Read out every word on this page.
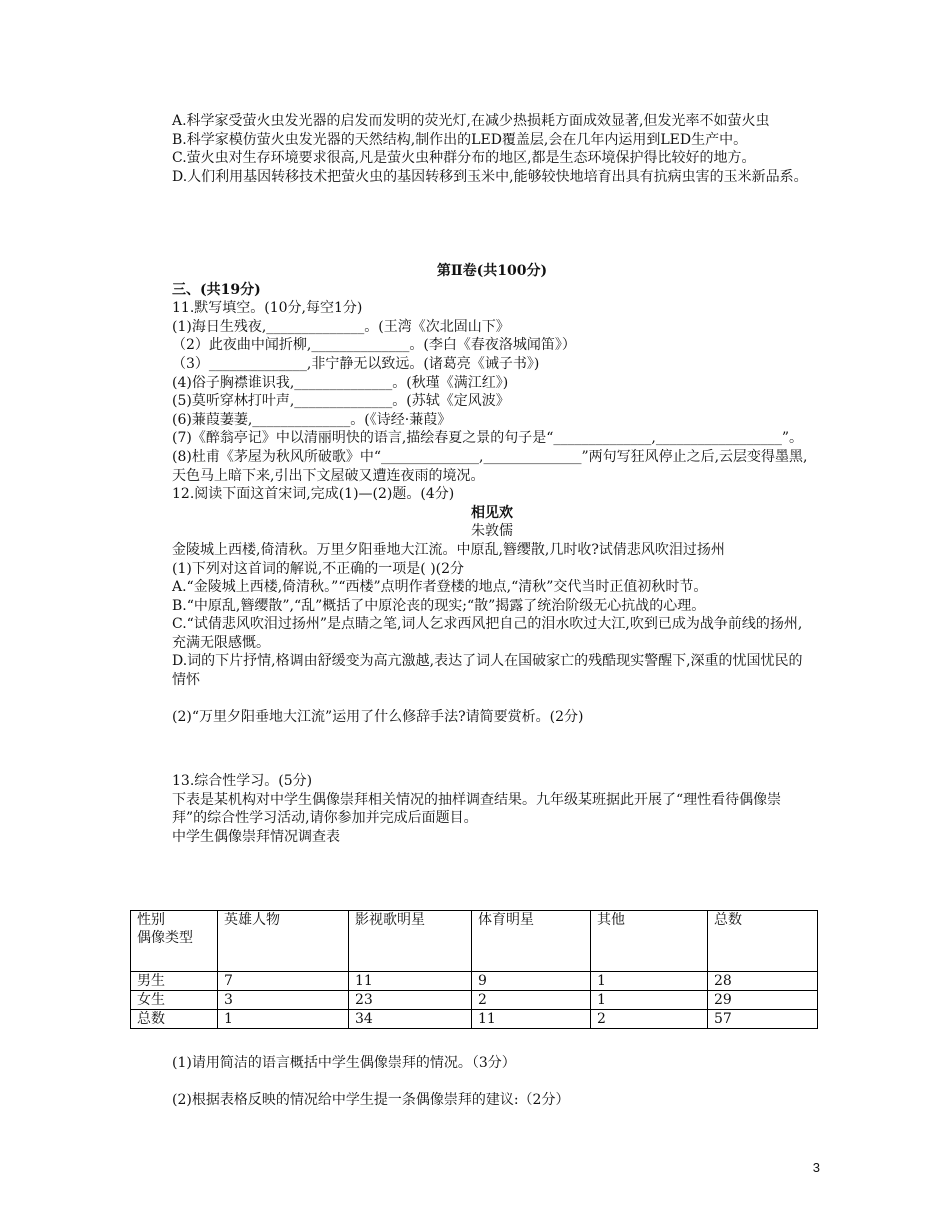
A.科学家受萤火虫发光器的启发而发明的荧光灯,在减少热损耗方面成效显著,但发光率不如萤火虫

B.科学家模仿萤火虫发光器的天然结构,制作出的LED覆盖层,会在几年内运用到LED生产中。

C.萤火虫对生存环境要求很高,凡是萤火虫种群分布的地区,都是生态环境保护得比较好的地方。

D.人们利用基因转移技术把萤火虫的基因转移到玉米中,能够较快地培育出具有抗病虫害的玉米新品系。

第Ⅱ卷(共100分)

三、(共19分)

11.默写填空。(10分,每空1分)

(1)海日生残夜,______________。(王湾《次北固山下》

（2）此夜曲中闻折柳,______________。(李白《春夜洛城闻笛》）

（3）______________,非宁静无以致远。(诸葛亮《诫子书》)

(4)俗子胸襟谁识我,______________。(秋瑾《满江红》)

(5)莫听穿林打叶声,______________。(苏轼《定风波》

(6)蒹葭萋萋,______________。(《诗经·蒹葭》

(7)《醉翁亭记》中以清丽明快的语言,描绘春夏之景的句子是“______________,__________________”。

(8)杜甫《茅屋为秋风所破歌》中“______________,______________”两句写狂风停止之后,云层变得墨黑,天色马上暗下来,引出下文屋破又遭连夜雨的境况。

12.阅读下面这首宋词,完成(1)—(2)题。(4分)

相见欢

朱敦儒

金陵城上西楼,倚清秋。万里夕阳垂地大江流。中原乱,簪缨散,几时收?试倩悲风吹泪过扬州

(1)下列对这首词的解说,不正确的一项是( )(2分

A.“金陵城上西楼,倚清秋。”“西楼”点明作者登楼的地点,“清秋”交代当时正值初秋时节。

B.“中原乱,簪缨散”,“乱”概括了中原沦丧的现实;“散”揭露了统治阶级无心抗战的心理。

C.“试倩悲风吹泪过扬州”是点睛之笔,词人乞求西风把自己的泪水吹过大江,吹到已成为战争前线的扬州,充满无限感慨。

D.词的下片抒情,格调由舒缓变为高亢激越,表达了词人在国破家亡的残酷现实警醒下,深重的忧国忧民的情怀

(2)“万里夕阳垂地大江流”运用了什么修辞手法?请简要赏析。(2分)

13.综合性学习。(5分)

下表是某机构对中学生偶像崇拜相关情况的抽样调查结果。九年级某班据此开展了“理性看待偶像崇拜”的综合性学习活动,请你参加并完成后面题目。

中学生偶像崇拜情况调查表

性别
偶像类型	英雄人物	影视歌明星	体育明星	其他	总数
男生	7	11	9	1	28
女生	3	23	2	1	29
总数	1	34	11	2	57

(1)请用简洁的语言概括中学生偶像崇拜的情况。（3分）

(2)根据表格反映的情况给中学生提一条偶像崇拜的建议:（2分）

3
